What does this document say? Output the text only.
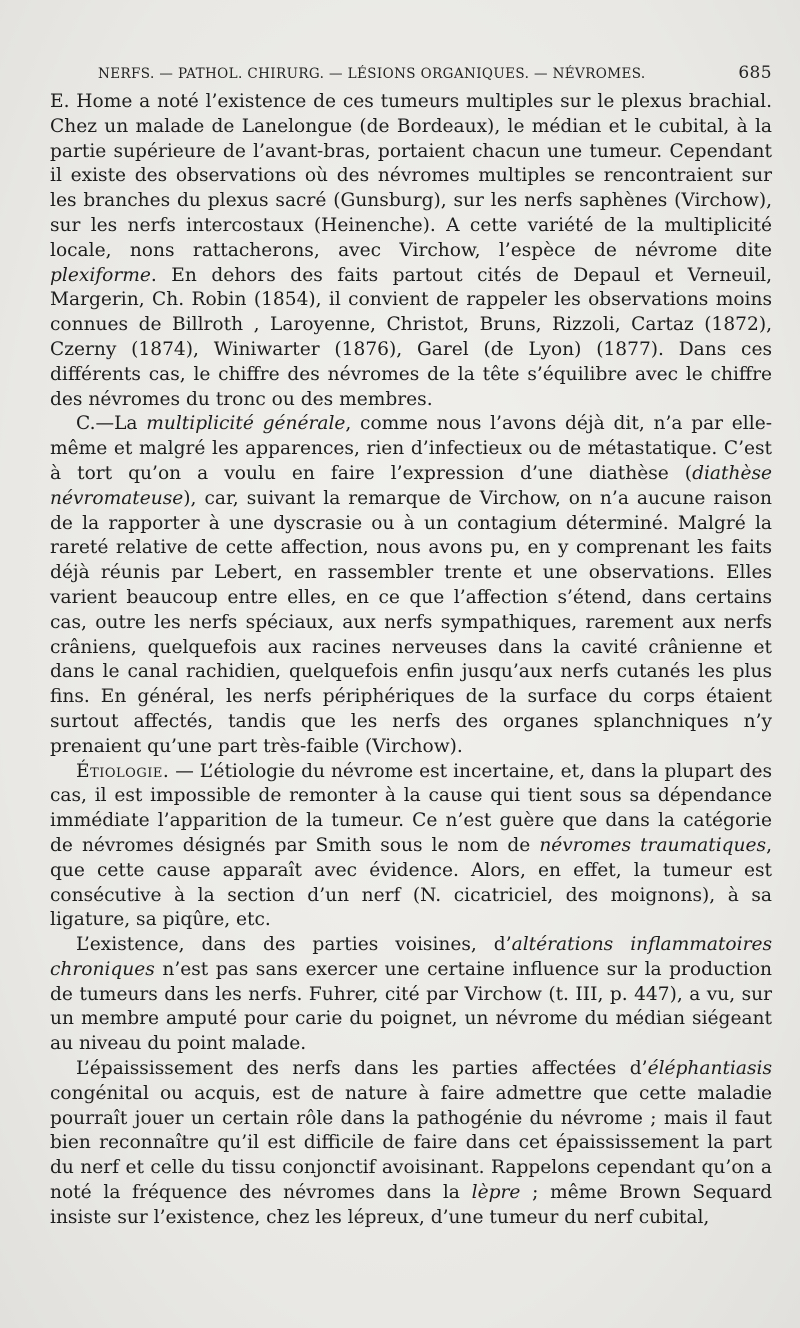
NERFS. — PATHOL. CHIRURG. — LÉSIONS ORGANIQUES. — NÉVROMES.	685

E. Home a noté l’existence de ces tumeurs multiples sur le plexus brachial. Chez un malade de Lanelongue (de Bordeaux), le médian et le cubital, à la partie supérieure de l’avant-bras, portaient chacun une tumeur. Cependant il existe des observations où des névromes multiples se rencontraient sur les branches du plexus sacré (Gunsburg), sur les nerfs saphènes (Virchow), sur les nerfs intercostaux (Heinenche). A cette variété de la multiplicité locale, nons rattacherons, avec Virchow, l’espèce de névrome dite plexiforme. En dehors des faits partout cités de Depaul et Verneuil, Margerin, Ch. Robin (1854), il convient de rappeler les observations moins connues de Billroth , Laroyenne, Christot, Bruns, Rizzoli, Cartaz (1872), Czerny (1874), Winiwarter (1876), Garel (de Lyon) (1877). Dans ces différents cas, le chiffre des névromes de la tête s’équilibre avec le chiffre des névromes du tronc ou des membres.

C.—La multiplicité générale, comme nous l’avons déjà dit, n’a par elle-même et malgré les apparences, rien d’infectieux ou de métastatique. C’est à tort qu’on a voulu en faire l’expression d’une diathèse (diathèse névromateuse), car, suivant la remarque de Virchow, on n’a aucune raison de la rapporter à une dyscrasie ou à un contagium déterminé. Malgré la rareté relative de cette affection, nous avons pu, en y comprenant les faits déjà réunis par Lebert, en rassembler trente et une observations. Elles varient beaucoup entre elles, en ce que l’affection s’étend, dans certains cas, outre les nerfs spéciaux, aux nerfs sympathiques, rarement aux nerfs crâniens, quelquefois aux racines nerveuses dans la cavité crânienne et dans le canal rachidien, quelquefois enfin jusqu’aux nerfs cutanés les plus fins. En général, les nerfs périphériques de la surface du corps étaient surtout affectés, tandis que les nerfs des organes splanchniques n’y prenaient qu’une part très-faible (Virchow).

Étiologie. — L’étiologie du névrome est incertaine, et, dans la plupart des cas, il est impossible de remonter à la cause qui tient sous sa dépendance immédiate l’apparition de la tumeur. Ce n’est guère que dans la catégorie de névromes désignés par Smith sous le nom de névromes traumatiques, que cette cause apparaît avec évidence. Alors, en effet, la tumeur est consécutive à la section d’un nerf (N. cicatriciel, des moignons), à sa ligature, sa piqûre, etc.

L’existence, dans des parties voisines, d’altérations inflammatoires chroniques n’est pas sans exercer une certaine influence sur la production de tumeurs dans les nerfs. Fuhrer, cité par Virchow (t. III, p. 447), a vu, sur un membre amputé pour carie du poignet, un névrome du médian siégeant au niveau du point malade.

L’épaississement des nerfs dans les parties affectées d’éléphantiasis congénital ou acquis, est de nature à faire admettre que cette maladie pourraît jouer un certain rôle dans la pathogénie du névrome ; mais il faut bien reconnaître qu’il est difficile de faire dans cet épaississement la part du nerf et celle du tissu conjonctif avoisinant. Rappelons cependant qu’on a noté la fréquence des névromes dans la lèpre ; même Brown Sequard insiste sur l’existence, chez les lépreux, d’une tumeur du nerf cubital,
